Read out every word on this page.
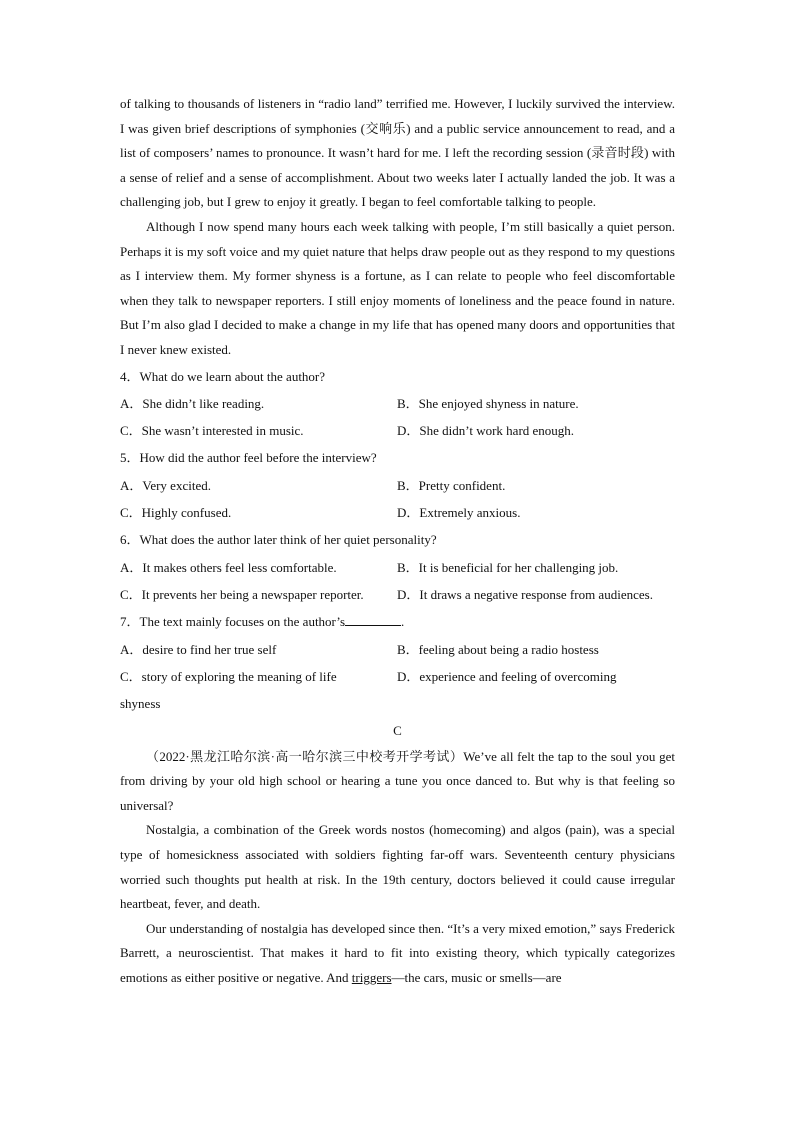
of talking to thousands of listeners in “radio land” terrified me. However, I luckily survived the interview. I was given brief descriptions of symphonies (交响乐) and a public service announcement to read, and a list of composers’ names to pronounce. It wasn’t hard for me. I left the recording session (录音时段) with a sense of relief and a sense of accomplishment. About two weeks later I actually landed the job. It was a challenging job, but I grew to enjoy it greatly. I began to feel comfortable talking to people.

Although I now spend many hours each week talking with people, I’m still basically a quiet person. Perhaps it is my soft voice and my quiet nature that helps draw people out as they respond to my questions as I interview them. My former shyness is a fortune, as I can relate to people who feel discomfortable when they talk to newspaper reporters. I still enjoy moments of loneliness and the peace found in nature. But I’m also glad I decided to make a change in my life that has opened many doors and opportunities that I never knew existed.

4．What do we learn about the author?
A．She didn’t like reading.	B．She enjoyed shyness in nature.
C．She wasn’t interested in music.	D．She didn’t work hard enough.
5．How did the author feel before the interview?
A．Very excited.	B．Pretty confident.
C．Highly confused.	D．Extremely anxious.
6．What does the author later think of her quiet personality?
A．It makes others feel less comfortable.	B．It is beneficial for her challenging job.
C．It prevents her being a newspaper reporter.	D．It draws a negative response from audiences.
7．The text mainly focuses on the author’s	.
A．desire to find her true self	B．feeling about being a radio hostess
C．story of exploring the meaning of life	D．experience and feeling of overcoming
shyness
C

（2022·黑龙江哈尔滨·高一哈尔滨三中校考开学考试）We’ve all felt the tap to the soul you get from driving by your old high school or hearing a tune you once danced to. But why is that feeling so universal?

Nostalgia, a combination of the Greek words nostos (homecoming) and algos (pain), was a special type of homesickness associated with soldiers fighting far-off wars. Seventeenth century physicians worried such thoughts put health at risk. In the 19th century, doctors believed it could cause irregular heartbeat, fever, and death.

Our understanding of nostalgia has developed since then. “It’s a very mixed emotion,” says Frederick Barrett, a neuroscientist. That makes it hard to fit into existing theory, which typically categorizes emotions as either positive or negative. And triggers—the cars, music or smells—are
